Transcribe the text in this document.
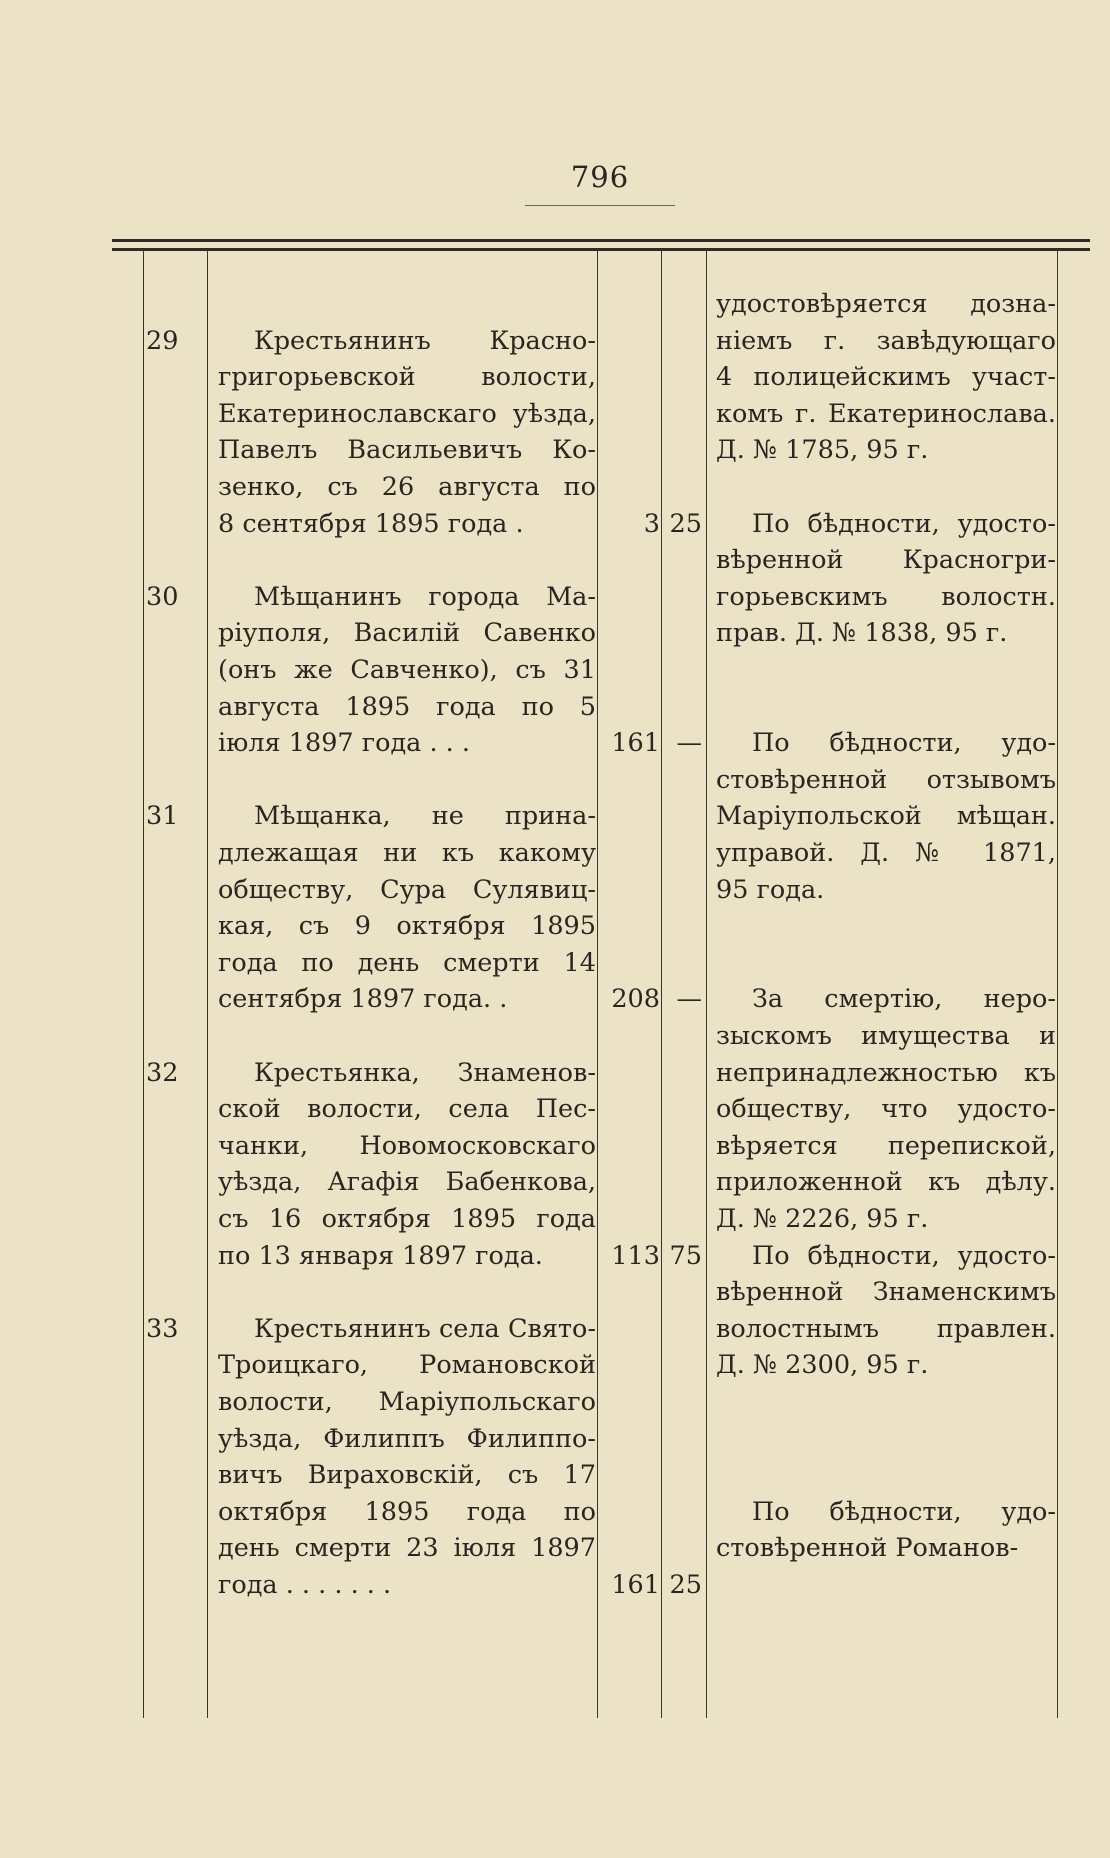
796
удостовѣряется дозна-
ніемъ г. завѣдующаго
4 полицейскимъ участ-
комъ г. Екатеринослава.
Д. № 1785, 95 г.
29	Крестьянинъ Красно-
григорьевской волости,
Екатеринославскаго уѣзда,
Павелъ Васильевичъ Ко-
зенко, съ 26 августа по
8 сентября 1895 года .	3 25	По бѣдности, удосто-
вѣренной Красногри-
горьевскимъ волостн.
прав. Д. № 1838, 95 г.
30	Мѣщанинъ города Ма-
ріуполя, Василій Савенко
(онъ же Савченко), съ 31
августа 1895 года по 5
іюля 1897 года . . .	161 —	По бѣдности, удо-
стовѣренной отзывомъ
Маріупольской мѣщан.
управой. Д. № 1871,
95 года.
31	Мѣщанка, не прина-
длежащая ни къ какому
обществу, Сура Сулявиц-
кая, съ 9 октября 1895
года по день смерти 14
сентября 1897 года. .	208 —	За смертію, неро-
зыскомъ имущества и
непринадлежностью къ
обществу, что удосто-
вѣряется перепиской,
приложенной къ дѣлу.
Д. № 2226, 95 г.
32	Крестьянка, Знаменов-
ской волости, села Пес-
чанки, Новомосковскаго
уѣзда, Агафія Бабенкова,
съ 16 октября 1895 года
по 13 января 1897 года.	113 75	По бѣдности, удосто-
вѣренной Знаменскимъ
волостнымъ правлен.
Д. № 2300, 95 г.
33	Крестьянинъ села Свято-
Троицкаго, Романовской
волости, Маріупольскаго
уѣзда, Филиппъ Филиппо-
вичъ Вираховскій, съ 17
октября 1895 года по
день смерти 23 іюля 1897
года . . . . . . .	161 25
По бѣдности, удо-
стовѣренной Романов-
